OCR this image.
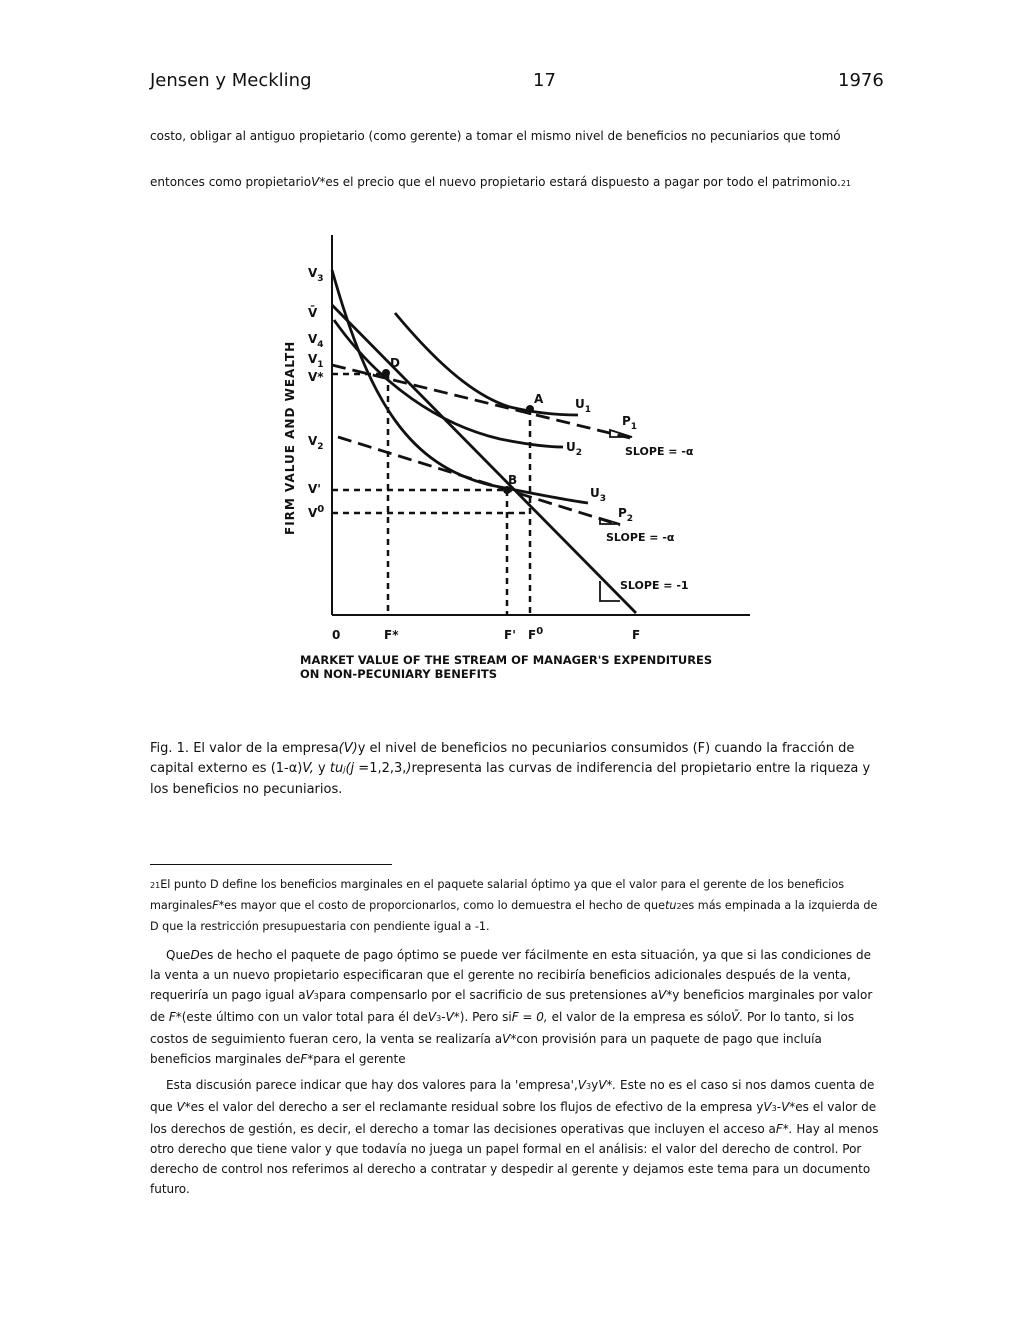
Jensen y Meckling	17	1976
costo, obligar al antiguo propietario (como gerente) a tomar el mismo nivel de beneficios no pecuniarios que tomó
entonces como propietarioV*es el precio que el nuevo propietario estará dispuesto a pagar por todo el patrimonio.21
FIRM VALUE AND WEALTH
$V_3$
V̄
$V_4$
$V_1$
V*
$V_2$
V'
$V^0$
0	F*	F' $F^0$	F
D
A
B
$U_1$
$U_2$
$U_3$
$P_1$
$P_2$
SLOPE = -α
SLOPE = -α
SLOPE = -1
MARKET VALUE OF THE STREAM OF MANAGER'S EXPENDITURES
ON NON-PECUNIARY BENEFITS
Fig. 1. El valor de la empresa(V)y el nivel de beneficios no pecuniarios consumidos (F) cuando la fracción de capital externo es (1-α)V, y tuj(j =1,2,3,)representa las curvas de indiferencia del propietario entre la riqueza y los beneficios no pecuniarios.
21El punto D define los beneficios marginales en el paquete salarial óptimo ya que el valor para el gerente de los beneficios marginalesF*es mayor que el costo de proporcionarlos, como lo demuestra el hecho de quetu2es más empinada a la izquierda de D que la restricción presupuestaria con pendiente igual a -1.
QueDes de hecho el paquete de pago óptimo se puede ver fácilmente en esta situación, ya que si las condiciones de la venta a un nuevo propietario especificaran que el gerente no recibiría beneficios adicionales después de la venta, requeriría un pago igual aV3para compensarlo por el sacrificio de sus pretensiones aV*y beneficios marginales por valor de F*(este último con un valor total para él deV3-V*). Pero siF = 0, el valor de la empresa es sóloV̄. Por lo tanto, si los costos de seguimiento fueran cero, la venta se realizaría aV*con provisión para un paquete de pago que incluía beneficios marginales deF*para el gerente
Esta discusión parece indicar que hay dos valores para la 'empresa',V3yV*. Este no es el caso si nos damos cuenta de que V*es el valor del derecho a ser el reclamante residual sobre los flujos de efectivo de la empresa yV3-V*es el valor de los derechos de gestión, es decir, el derecho a tomar las decisiones operativas que incluyen el acceso aF*. Hay al menos otro derecho que tiene valor y que todavía no juega un papel formal en el análisis: el valor del derecho de control. Por derecho de control nos referimos al derecho a contratar y despedir al gerente y dejamos este tema para un documento futuro.
